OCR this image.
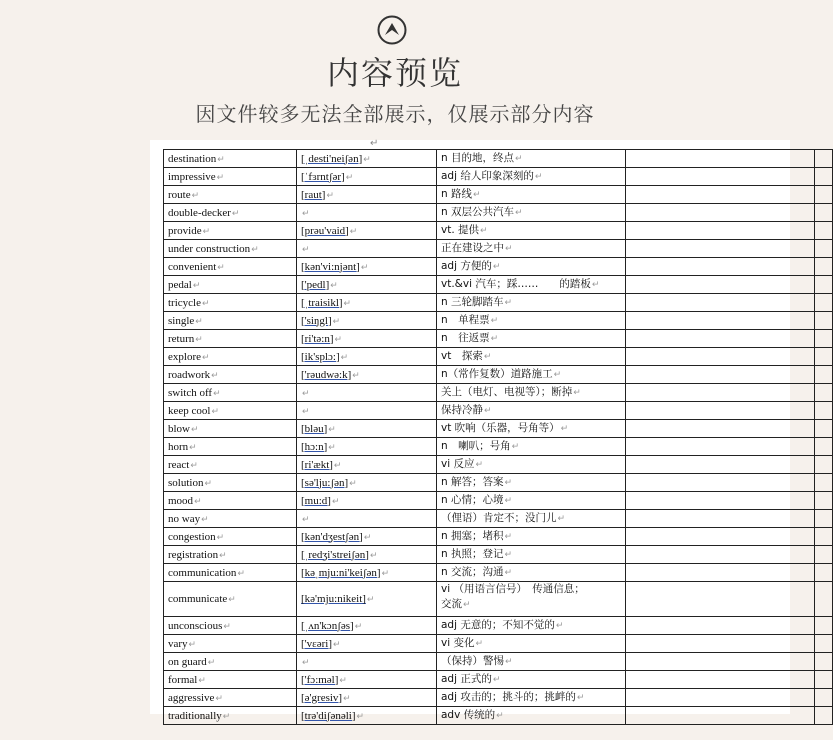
内容预览
因文件较多无法全部展示，仅展示部分内容
↵
destination↵	[ˌdesti'neiʃən]↵	n 目的地，终点↵		
impressive↵	[ˈfɜrntʃər]↵	adj 给人印象深刻的↵		
route↵	[raut]↵	n 路线↵		
double-decker↵	↵	n 双层公共汽车↵		
provide↵	[prəu'vaid]↵	vt. 提供↵		
under construction↵	↵	正在建设之中↵		
convenient↵	[kən'vi:njənt]↵	adj 方便的↵		
pedal↵	['pedl]↵	vt.&vi 汽车；踩……　　的踏板↵		
tricycle↵	[ˌtraisikl]↵	n 三轮脚踏车↵		
single↵	['siŋgl]↵	n　单程票↵		
return↵	[ri'tə:n]↵	n　往返票↵		
explore↵	[ik'splɔ:]↵	vt　探索↵		
roadwork↵	['rəudwə:k]↵	n（常作复数）道路施工↵		
switch off↵	↵	关上（电灯、电视等）；断掉↵		
keep cool↵	↵	保持冷静↵		
blow↵	[bləu]↵	vt 吹响（乐器，号角等）↵		
horn↵	[hɔ:n]↵	n　喇叭；号角↵		
react↵	[ri'ækt]↵	vi 反应↵		
solution↵	[sə'lju:ʃən]↵	n 解答；答案↵		
mood↵	[mu:d]↵	n 心情；心境↵		
no way↵	↵	（俚语）肯定不；没门儿↵		
congestion↵	[kən'dʒestʃən]↵	n 拥塞；堵积↵		
registration↵	[ˌredʒi'streiʃən]↵	n 执照；登记↵		
communication↵	[kəˌmju:ni'keiʃən]↵	n 交流；沟通↵		
communicate↵	[kə'mju:nikeit]↵	vi （用语言信号）　传通信息；　　　　　　交流↵		
unconscious↵	[ˌʌn'kɔnʃəs]↵	adj 无意的；不知不觉的↵		
vary↵	['vɛəri]↵	vi 变化↵		
on guard↵	↵	（保持）警惕↵		
formal↵	['fɔ:məl]↵	adj 正式的↵		
aggressive↵	[ə'gresiv]↵	adj 攻击的；挑斗的；挑衅的↵		
traditionally↵	[trə'diʃənəli]↵	adv 传统的↵		
